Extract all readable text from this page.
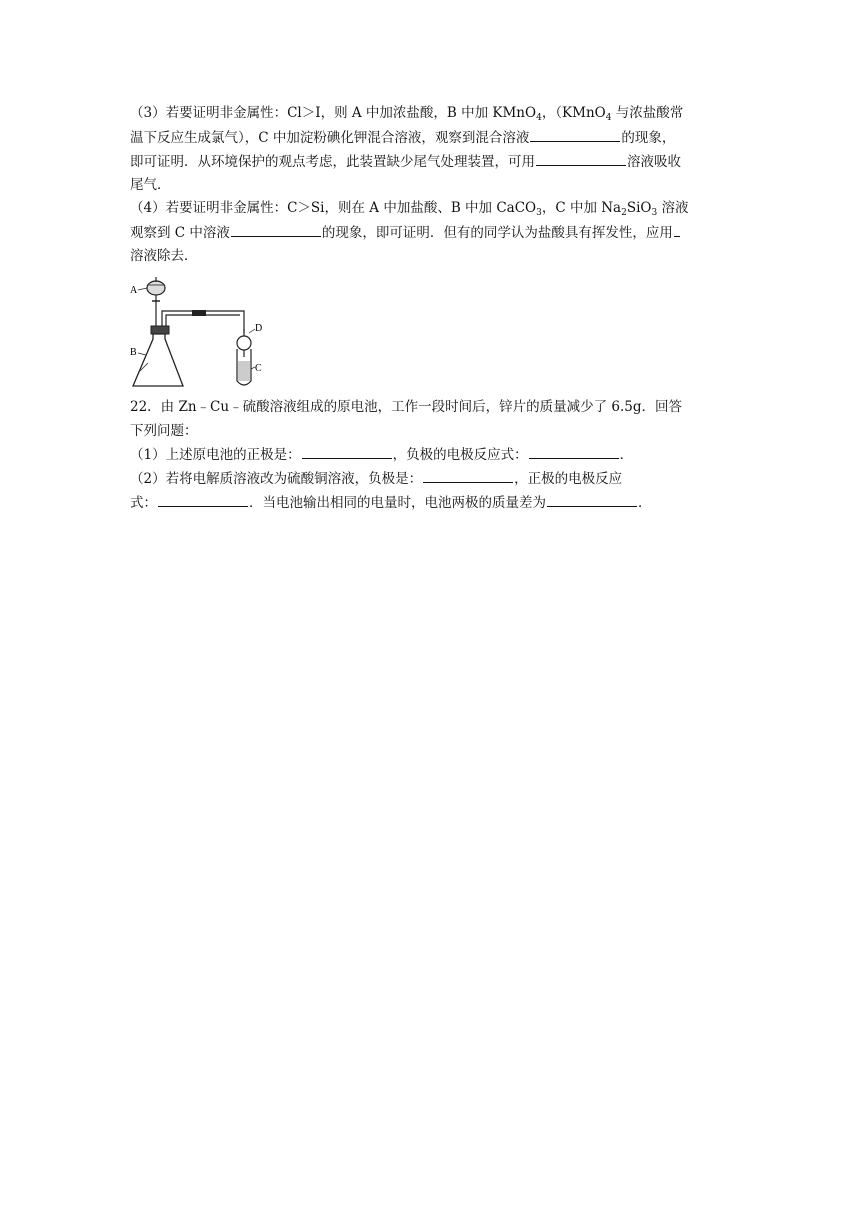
（3）若要证明非金属性：Cl＞I，则 A 中加浓盐酸，B 中加 KMnO$_4$，（KMnO$_4$ 与浓盐酸常
温下反应生成氯气），C 中加淀粉碘化钾混合溶液，观察到混合溶液	的现象，
即可证明．从环境保护的观点考虑，此装置缺少尾气处理装置，可用	溶液吸收
尾气．
（4）若要证明非金属性：C＞Si，则在 A 中加盐酸、B 中加 CaCO$_3$，C 中加 $Na_2SiO_3$ 溶液
观察到 C 中溶液	的现象，即可证明．但有的同学认为盐酸具有挥发性，应用
溶液除去．
A
B
C
D
22．由 Zn﹣Cu﹣硫酸溶液组成的原电池，工作一段时间后，锌片的质量减少了 6.5g．回答
下列问题：
（1）上述原电池的正极是：	，负极的电极反应式：	．
（2）若将电解质溶液改为硫酸铜溶液，负极是：	，正极的电极反应
式：	．当电池输出相同的电量时，电池两极的质量差为	．
